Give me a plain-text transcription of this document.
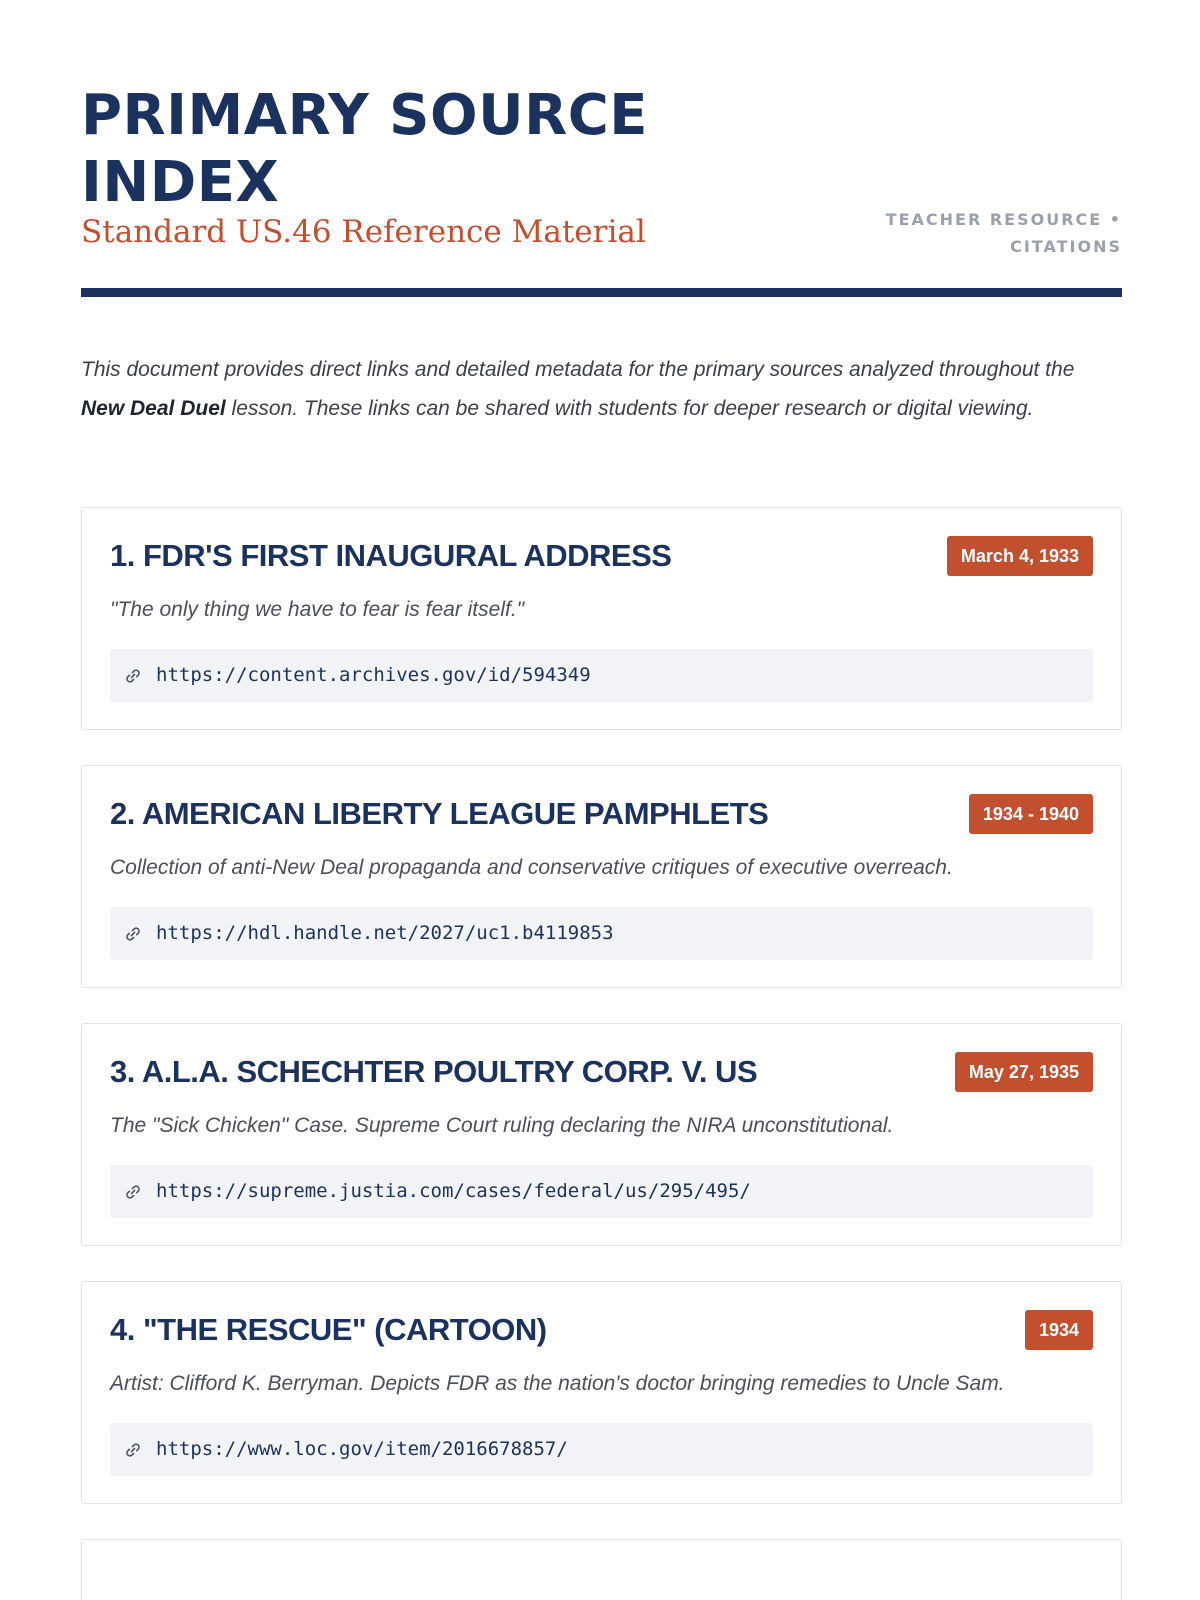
PRIMARY SOURCE INDEX
Standard US.46 Reference Material	TEACHER RESOURCE • CITATIONS

This document provides direct links and detailed metadata for the primary sources analyzed throughout the New Deal Duel lesson. These links can be shared with students for deeper research or digital viewing.

1. FDR'S FIRST INAUGURAL ADDRESS	March 4, 1933

"The only thing we have to fear is fear itself."

https://content.archives.gov/id/594349
2. AMERICAN LIBERTY LEAGUE PAMPHLETS	1934 - 1940

Collection of anti-New Deal propaganda and conservative critiques of executive overreach.

https://hdl.handle.net/2027/uc1.b4119853
3. A.L.A. SCHECHTER POULTRY CORP. V. US	May 27, 1935

The "Sick Chicken" Case. Supreme Court ruling declaring the NIRA unconstitutional.

https://supreme.justia.com/cases/federal/us/295/495/
4. "THE RESCUE" (CARTOON)	1934

Artist: Clifford K. Berryman. Depicts FDR as the nation's doctor bringing remedies to Uncle Sam.

https://www.loc.gov/item/2016678857/
